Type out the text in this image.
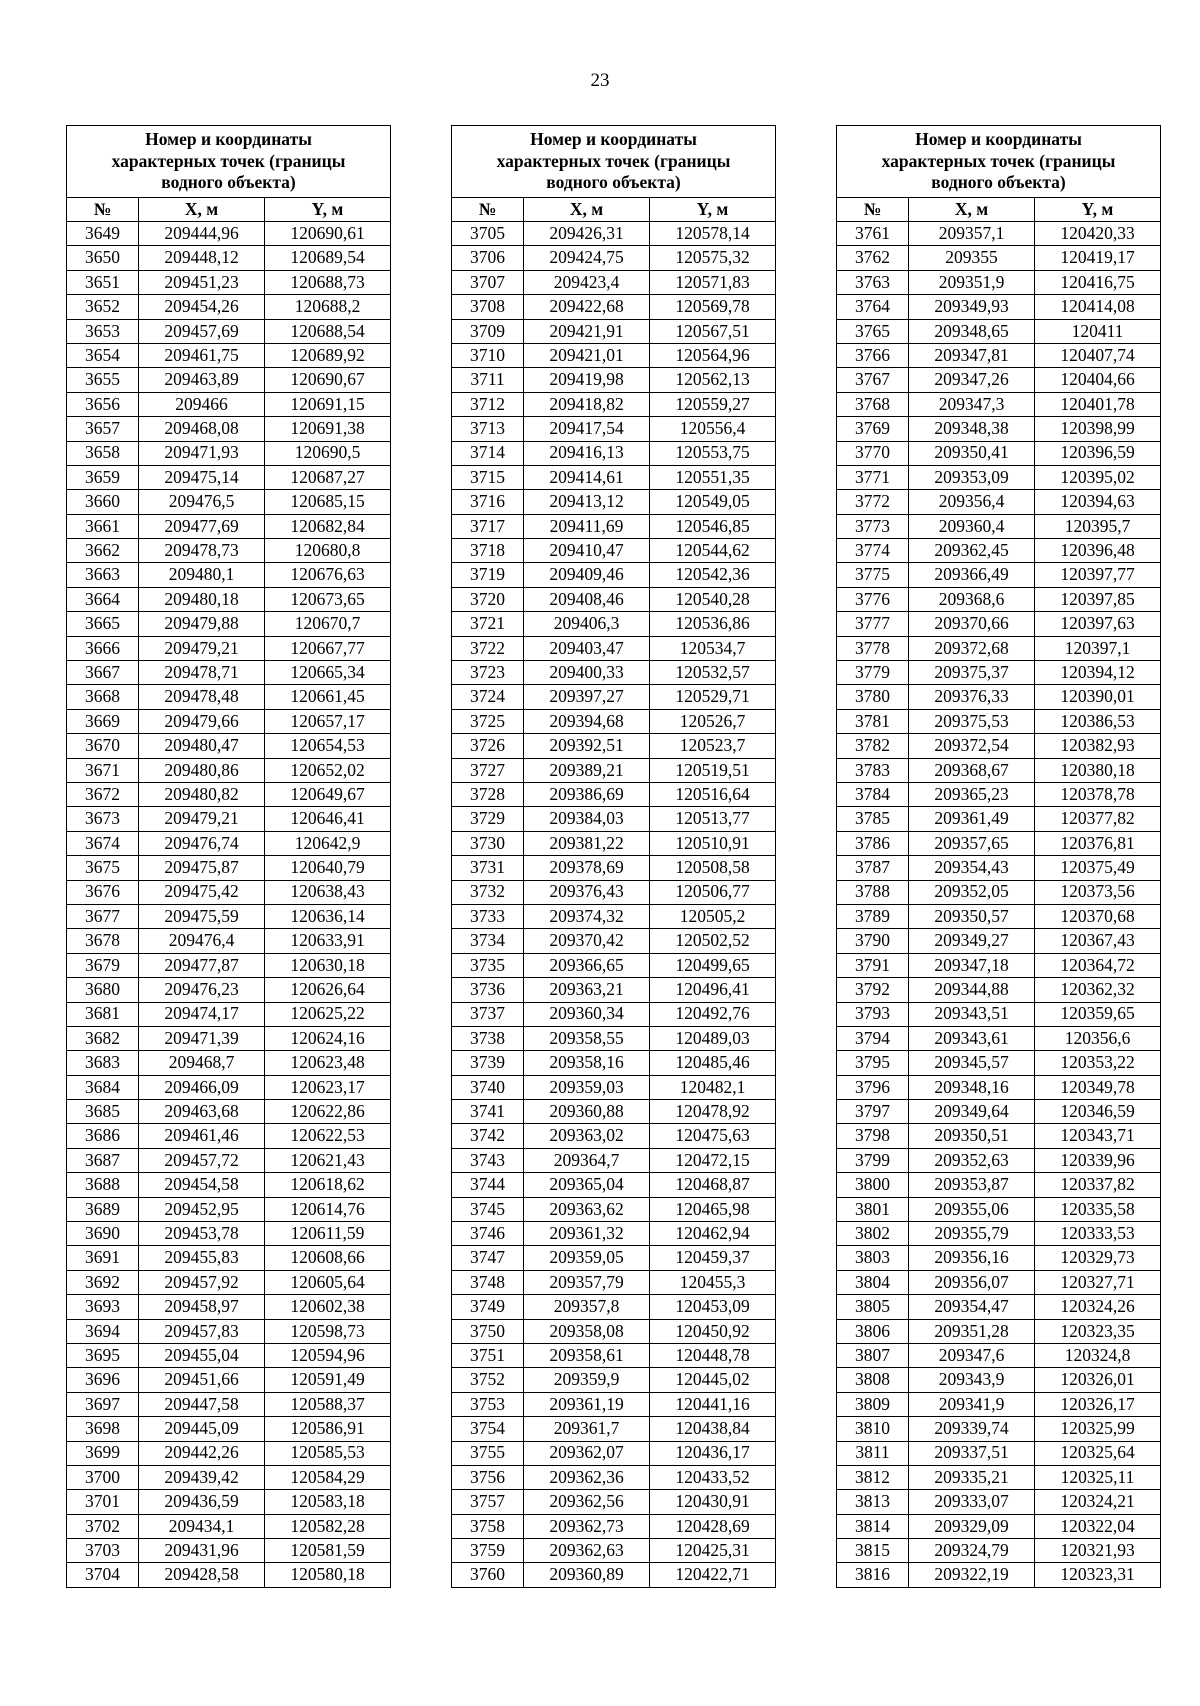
23
Номер и координаты
характерных точек (границы
водного объекта)		
№	X, м	Y, м
3649	209444,96	120690,61
3650	209448,12	120689,54
3651	209451,23	120688,73
3652	209454,26	120688,2
3653	209457,69	120688,54
3654	209461,75	120689,92
3655	209463,89	120690,67
3656	209466	120691,15
3657	209468,08	120691,38
3658	209471,93	120690,5
3659	209475,14	120687,27
3660	209476,5	120685,15
3661	209477,69	120682,84
3662	209478,73	120680,8
3663	209480,1	120676,63
3664	209480,18	120673,65
3665	209479,88	120670,7
3666	209479,21	120667,77
3667	209478,71	120665,34
3668	209478,48	120661,45
3669	209479,66	120657,17
3670	209480,47	120654,53
3671	209480,86	120652,02
3672	209480,82	120649,67
3673	209479,21	120646,41
3674	209476,74	120642,9
3675	209475,87	120640,79
3676	209475,42	120638,43
3677	209475,59	120636,14
3678	209476,4	120633,91
3679	209477,87	120630,18
3680	209476,23	120626,64
3681	209474,17	120625,22
3682	209471,39	120624,16
3683	209468,7	120623,48
3684	209466,09	120623,17
3685	209463,68	120622,86
3686	209461,46	120622,53
3687	209457,72	120621,43
3688	209454,58	120618,62
3689	209452,95	120614,76
3690	209453,78	120611,59
3691	209455,83	120608,66
3692	209457,92	120605,64
3693	209458,97	120602,38
3694	209457,83	120598,73
3695	209455,04	120594,96
3696	209451,66	120591,49
3697	209447,58	120588,37
3698	209445,09	120586,91
3699	209442,26	120585,53
3700	209439,42	120584,29
3701	209436,59	120583,18
3702	209434,1	120582,28
3703	209431,96	120581,59
3704	209428,58	120580,18
Номер и координаты
характерных точек (границы
водного объекта)		
№	X, м	Y, м
3705	209426,31	120578,14
3706	209424,75	120575,32
3707	209423,4	120571,83
3708	209422,68	120569,78
3709	209421,91	120567,51
3710	209421,01	120564,96
3711	209419,98	120562,13
3712	209418,82	120559,27
3713	209417,54	120556,4
3714	209416,13	120553,75
3715	209414,61	120551,35
3716	209413,12	120549,05
3717	209411,69	120546,85
3718	209410,47	120544,62
3719	209409,46	120542,36
3720	209408,46	120540,28
3721	209406,3	120536,86
3722	209403,47	120534,7
3723	209400,33	120532,57
3724	209397,27	120529,71
3725	209394,68	120526,7
3726	209392,51	120523,7
3727	209389,21	120519,51
3728	209386,69	120516,64
3729	209384,03	120513,77
3730	209381,22	120510,91
3731	209378,69	120508,58
3732	209376,43	120506,77
3733	209374,32	120505,2
3734	209370,42	120502,52
3735	209366,65	120499,65
3736	209363,21	120496,41
3737	209360,34	120492,76
3738	209358,55	120489,03
3739	209358,16	120485,46
3740	209359,03	120482,1
3741	209360,88	120478,92
3742	209363,02	120475,63
3743	209364,7	120472,15
3744	209365,04	120468,87
3745	209363,62	120465,98
3746	209361,32	120462,94
3747	209359,05	120459,37
3748	209357,79	120455,3
3749	209357,8	120453,09
3750	209358,08	120450,92
3751	209358,61	120448,78
3752	209359,9	120445,02
3753	209361,19	120441,16
3754	209361,7	120438,84
3755	209362,07	120436,17
3756	209362,36	120433,52
3757	209362,56	120430,91
3758	209362,73	120428,69
3759	209362,63	120425,31
3760	209360,89	120422,71
Номер и координаты
характерных точек (границы
водного объекта)		
№	X, м	Y, м
3761	209357,1	120420,33
3762	209355	120419,17
3763	209351,9	120416,75
3764	209349,93	120414,08
3765	209348,65	120411
3766	209347,81	120407,74
3767	209347,26	120404,66
3768	209347,3	120401,78
3769	209348,38	120398,99
3770	209350,41	120396,59
3771	209353,09	120395,02
3772	209356,4	120394,63
3773	209360,4	120395,7
3774	209362,45	120396,48
3775	209366,49	120397,77
3776	209368,6	120397,85
3777	209370,66	120397,63
3778	209372,68	120397,1
3779	209375,37	120394,12
3780	209376,33	120390,01
3781	209375,53	120386,53
3782	209372,54	120382,93
3783	209368,67	120380,18
3784	209365,23	120378,78
3785	209361,49	120377,82
3786	209357,65	120376,81
3787	209354,43	120375,49
3788	209352,05	120373,56
3789	209350,57	120370,68
3790	209349,27	120367,43
3791	209347,18	120364,72
3792	209344,88	120362,32
3793	209343,51	120359,65
3794	209343,61	120356,6
3795	209345,57	120353,22
3796	209348,16	120349,78
3797	209349,64	120346,59
3798	209350,51	120343,71
3799	209352,63	120339,96
3800	209353,87	120337,82
3801	209355,06	120335,58
3802	209355,79	120333,53
3803	209356,16	120329,73
3804	209356,07	120327,71
3805	209354,47	120324,26
3806	209351,28	120323,35
3807	209347,6	120324,8
3808	209343,9	120326,01
3809	209341,9	120326,17
3810	209339,74	120325,99
3811	209337,51	120325,64
3812	209335,21	120325,11
3813	209333,07	120324,21
3814	209329,09	120322,04
3815	209324,79	120321,93
3816	209322,19	120323,31
